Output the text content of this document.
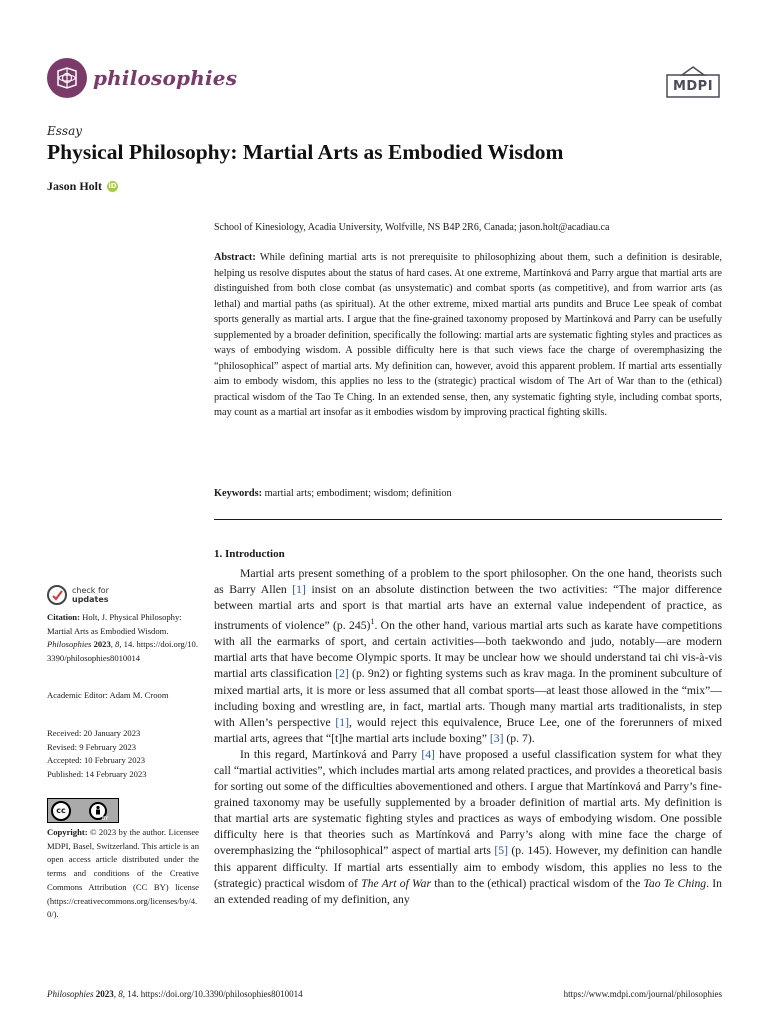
philosophies	MDPI
Essay
Physical Philosophy: Martial Arts as Embodied Wisdom
Jason Holt iD
School of Kinesiology, Acadia University, Wolfville, NS B4P 2R6, Canada; jason.holt@acadiau.ca
Abstract: While defining martial arts is not prerequisite to philosophizing about them, such a definition is desirable, helping us resolve disputes about the status of hard cases. At one extreme, Martínková and Parry argue that martial arts are distinguished from both close combat (as unsystematic) and combat sports (as competitive), and from warrior arts (as lethal) and martial paths (as spiritual). At the other extreme, mixed martial arts pundits and Bruce Lee speak of combat sports generally as martial arts. I argue that the fine-grained taxonomy proposed by Martínková and Parry can be usefully supplemented by a broader definition, specifically the following: martial arts are systematic fighting styles and practices as ways of embodying wisdom. A possible difficulty here is that such views face the charge of overemphasizing the “philosophical” aspect of martial arts. My definition can, however, avoid this apparent problem. If martial arts essentially aim to embody wisdom, this applies no less to the (strategic) practical wisdom of The Art of War than to the (ethical) practical wisdom of the Tao Te Ching. In an extended sense, then, any systematic fighting style, including combat sports, may count as a martial art insofar as it embodies wisdom by improving practical fighting skills.
Keywords: martial arts; embodiment; wisdom; definition
1. Introduction

Martial arts present something of a problem to the sport philosopher. On the one hand, theorists such as Barry Allen [1] insist on an absolute distinction between the two activities: “The major difference between martial arts and sport is that martial arts have an external value independent of practice, as instruments of violence” (p. 245)$^1$. On the other hand, various martial arts such as karate have competitions with all the earmarks of sport, and certain activities—both taekwondo and judo, notably—are modern martial arts that have become Olympic sports. It may be unclear how we should understand tai chi vis-à-vis martial arts classification [2] (p. 9n2) or fighting systems such as krav maga. In the prominent subculture of mixed martial arts, it is more or less assumed that all combat sports—at least those allowed in the “mix”—including boxing and wrestling are, in fact, martial arts. Though many martial arts traditionalists, in step with Allen’s perspective [1], would reject this equivalence, Bruce Lee, one of the forerunners of mixed martial arts, agrees that “[t]he martial arts include boxing” [3] (p. 7).

In this regard, Martínková and Parry [4] have proposed a useful classification system for what they call “martial activities”, which includes martial arts among related practices, and provides a theoretical basis for sorting out some of the difficulties abovementioned and others. I argue that Martínková and Parry’s fine-grained taxonomy may be usefully supplemented by a broader definition of martial arts. My definition is that martial arts are systematic fighting styles and practices as ways of embodying wisdom. One possible difficulty here is that theories such as Martínková and Parry’s along with mine face the charge of overemphasizing the “philosophical” aspect of martial arts [5] (p. 145). However, my definition can handle this apparent difficulty. If martial arts essentially aim to embody wisdom, this applies no less to the (strategic) practical wisdom of The Art of War than to the (ethical) practical wisdom of the Tao Te Ching. In an extended reading of my definition, any

check for
updates
Citation: Holt, J. Physical Philosophy: Martial Arts as Embodied Wisdom. Philosophies 2023, 8, 14. https://doi.org/10.3390/philosophies8010014
Academic Editor: Adam M. Croom
Received: 20 January 2023
Revised: 9 February 2023
Accepted: 10 February 2023
Published: 14 February 2023
cc
BY
Copyright: © 2023 by the author. Licensee MDPI, Basel, Switzerland. This article is an open access article distributed under the terms and conditions of the Creative Commons Attribution (CC BY) license (https://creativecommons.org/licenses/by/4.0/).
Philosophies 2023, 8, 14. https://doi.org/10.3390/philosophies8010014	https://www.mdpi.com/journal/philosophies
